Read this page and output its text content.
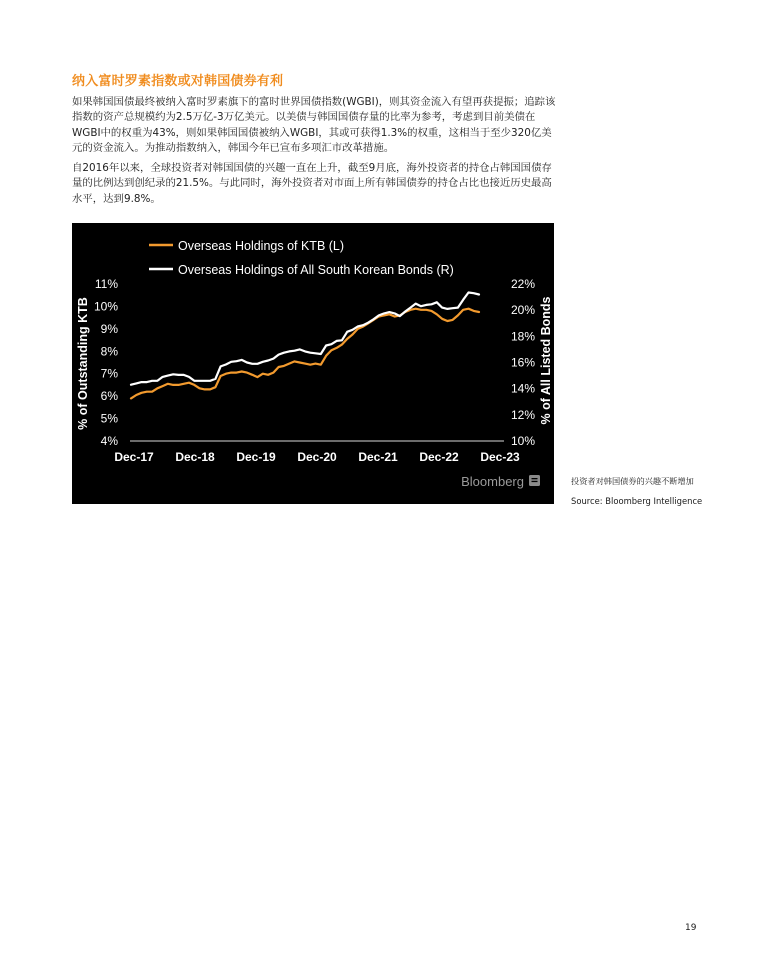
纳入富时罗素指数或对韩国债券有利

如果韩国国债最终被纳入富时罗素旗下的富时世界国债指数(WGBI)，则其资金流入有望再获提振；追踪该指数的资产总规模约为2.5万亿-3万亿美元。以美债与韩国国债存量的比率为参考，考虑到目前美债在WGBI中的权重为43%，则如果韩国国债被纳入WGBI，其或可获得1.3%的权重，这相当于至少320亿美元的资金流入。为推动指数纳入，韩国今年已宣布多项汇市改革措施。

自2016年以来，全球投资者对韩国国债的兴趣一直在上升，截至9月底，海外投资者的持仓占韩国国债存量的比例达到创纪录的21.5%。与此同时，海外投资者对市面上所有韩国债券的持仓占比也接近历史最高水平，达到9.8%。

4%
5%
6%
7%
8%
9%
10%
11%
10%
12%
14%
16%
18%
20%
22%
Dec-17 Dec-18 Dec-19 Dec-20 Dec-21 Dec-22 Dec-23
% of Outstanding KTB	% of All Listed Bonds
Overseas Holdings of KTB (L)
Overseas Holdings of All South Korean Bonds (R)
Bloomberg	投资者对韩国债券的兴趣不断增加
Source: Bloomberg Intelligence
19
